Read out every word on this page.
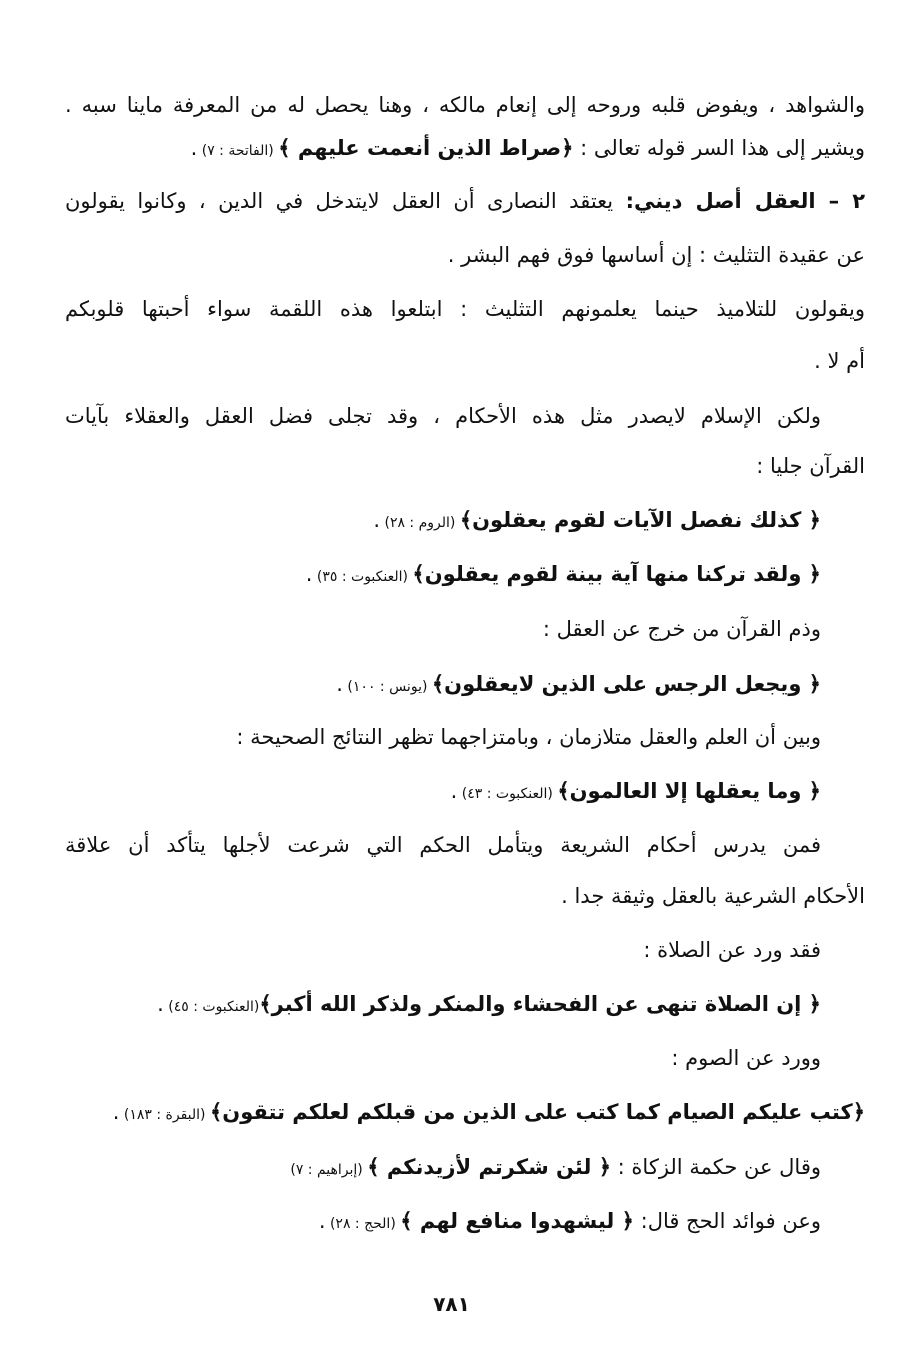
والشواهد ، ويفوض قلبه وروحه إلى إنعام مالكه ، وهنا يحصل له من المعرفة ماينا سبه .
ويشير إلى هذا السر قوله تعالى : ﴿صراط الذين أنعمت عليهم ﴾ (الفاتحة : ٧) .
٢ – العقل أصل ديني: يعتقد النصارى أن العقل لايتدخل في الدين ، وكانوا يقولون
عن عقيدة التثليث : إن أساسها فوق فهم البشر .
ويقولون للتلاميذ حينما يعلمونهم التثليث : ابتلعوا هذه اللقمة سواء أحبتها قلوبكم
أم لا .
ولكن الإسلام لايصدر مثل هذه الأحكام ، وقد تجلى فضل العقل والعقلاء بآيات
القرآن جليا :
﴿ كذلك نفصل الآيات لقوم يعقلون﴾ (الروم : ٢٨) .
﴿ ولقد تركنا منها آية بينة لقوم يعقلون﴾ (العنكبوت : ٣٥) .
وذم القرآن من خرج عن العقل :
﴿ ويجعل الرجس على الذين لايعقلون﴾ (يونس : ١٠٠) .
وبين أن العلم والعقل متلازمان ، وبامتزاجهما تظهر النتائج الصحيحة :
﴿ وما يعقلها إلا العالمون﴾ (العنكبوت : ٤٣) .
فمن يدرس أحكام الشريعة ويتأمل الحكم التي شرعت لأجلها يتأكد أن علاقة
الأحكام الشرعية بالعقل وثيقة جدا .
فقد ورد عن الصلاة :
﴿ إن الصلاة تنهى عن الفحشاء والمنكر ولذكر الله أكبر﴾(العنكبوت : ٤٥) .
وورد عن الصوم :
﴿كتب عليكم الصيام كما كتب على الذين من قبلكم لعلكم تتقون﴾ (البقرة : ١٨٣) .
وقال عن حكمة الزكاة : ﴿ لئن شكرتم لأزيدنكم ﴾ (إبراهيم : ٧)
وعن فوائد الحج قال: ﴿ ليشهدوا منافع لهم ﴾ (الحج : ٢٨) .
٧٨١
